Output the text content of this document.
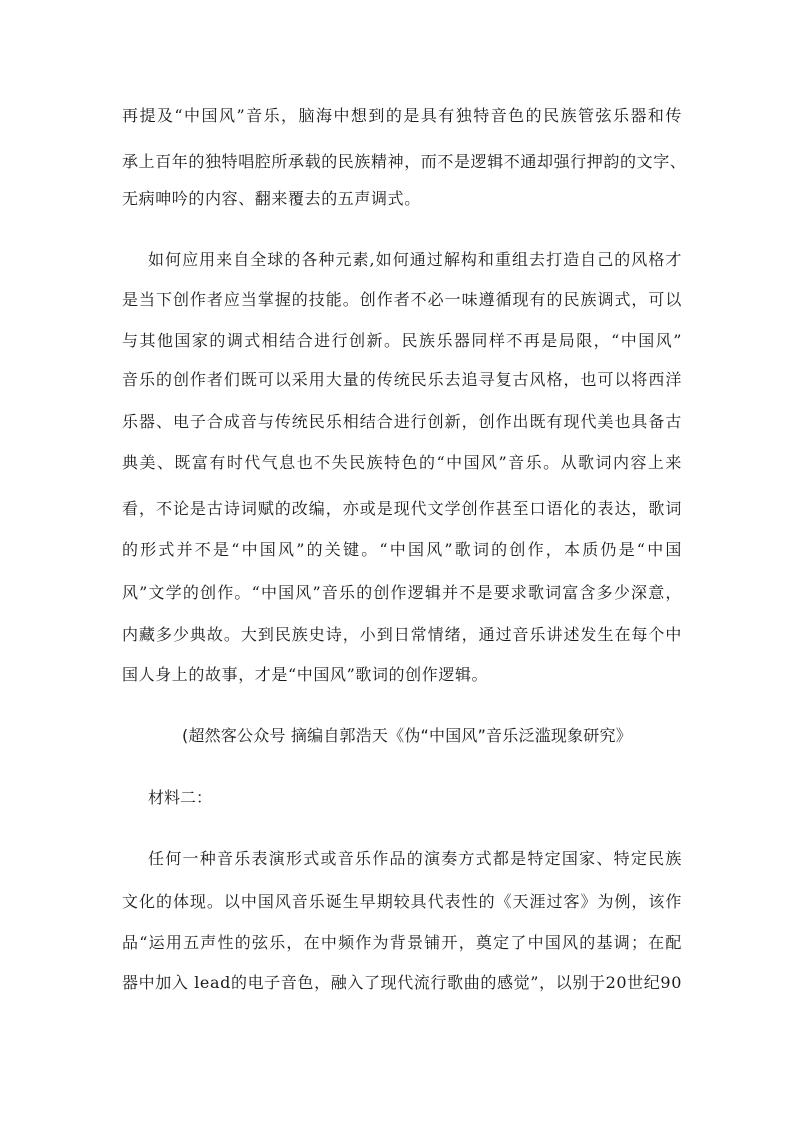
再提及“中国风”音乐，脑海中想到的是具有独特音色的民族管弦乐器和传
承上百年的独特唱腔所承载的民族精神，而不是逻辑不通却强行押韵的文字、
无病呻吟的内容、翻来覆去的五声调式。
如何应用来自全球的各种元素,如何通过解构和重组去打造自己的风格才
是当下创作者应当掌握的技能。创作者不必一味遵循现有的民族调式，可以
与其他国家的调式相结合进行创新。民族乐器同样不再是局限，“中国风”
音乐的创作者们既可以采用大量的传统民乐去追寻复古风格，也可以将西洋
乐器、电子合成音与传统民乐相结合进行创新，创作出既有现代美也具备古
典美、既富有时代气息也不失民族特色的“中国风”音乐。从歌词内容上来
看，不论是古诗词赋的改编，亦或是现代文学创作甚至口语化的表达，歌词
的形式并不是“中国风”的关键。“中国风”歌词的创作，本质仍是“中国
风”文学的创作。“中国风”音乐的创作逻辑并不是要求歌词富含多少深意，
内藏多少典故。大到民族史诗，小到日常情绪，通过音乐讲述发生在每个中
国人身上的故事，才是“中国风”歌词的创作逻辑。
(超然客公众号 摘编自郭浩天《伪“中国风”音乐泛滥现象研究》
材料二：
任何一种音乐表演形式或音乐作品的演奏方式都是特定国家、特定民族
文化的体现。以中国风音乐诞生早期较具代表性的《天涯过客》为例，该作
品“运用五声性的弦乐，在中频作为背景铺开，奠定了中国风的基调；在配
器中加入 lead的电子音色，融入了现代流行歌曲的感觉”，以别于20世纪90
